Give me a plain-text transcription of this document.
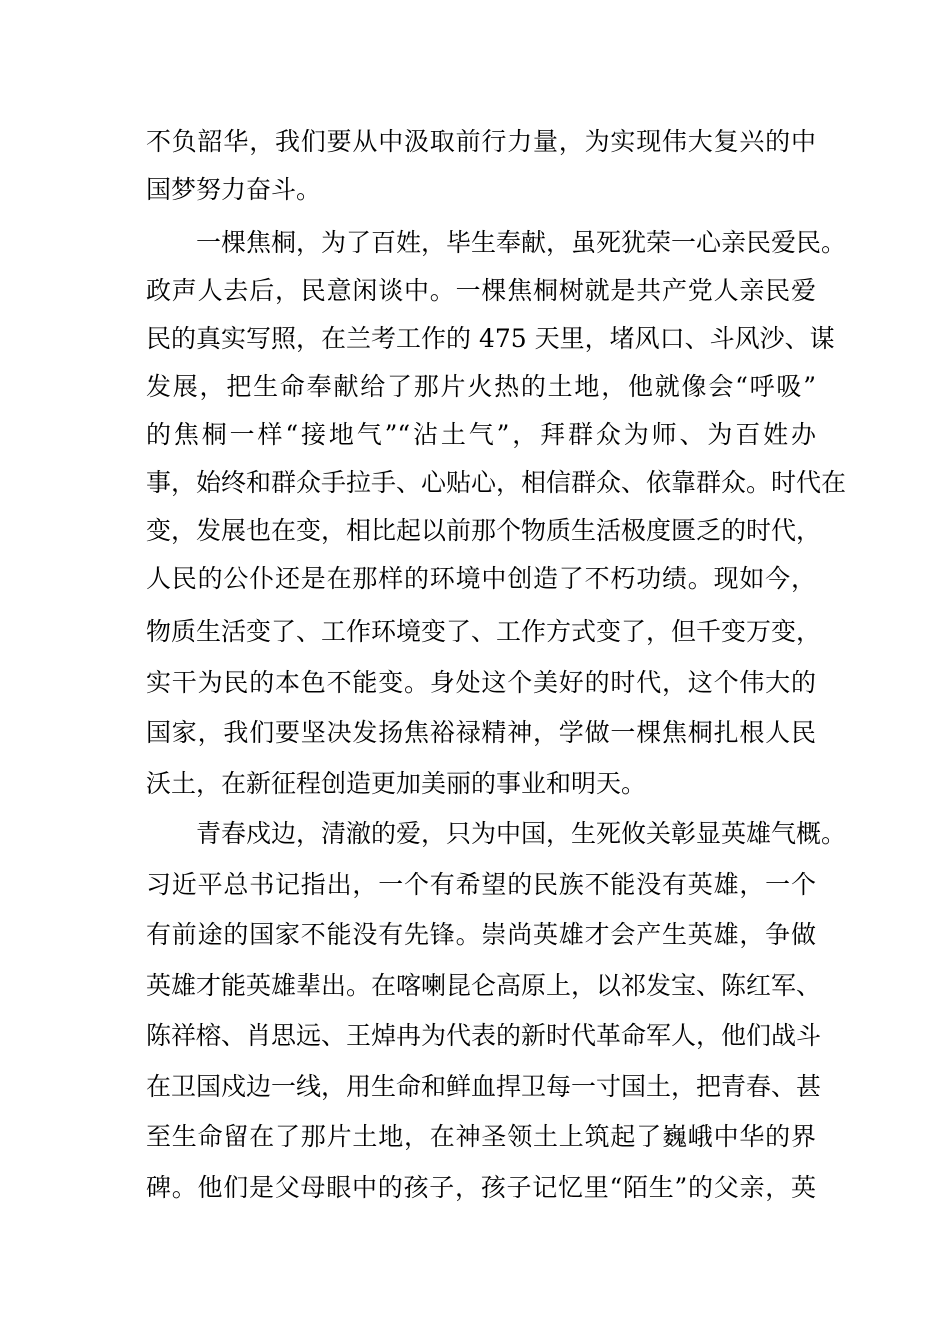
不负韶华，我们要从中汲取前行力量，为实现伟大复兴的中
国梦努力奋斗。
一棵焦桐，为了百姓，毕生奉献，虽死犹荣一心亲民爱民。
政声人去后，民意闲谈中。一棵焦桐树就是共产党人亲民爱
民的真实写照，在兰考工作的 475 天里，堵风口、斗风沙、谋
发展，把生命奉献给了那片火热的土地，他就像会“呼吸”
的焦桐一样“接地气”“沾土气”，拜群众为师、为百姓办
事，始终和群众手拉手、心贴心，相信群众、依靠群众。时代在
变，发展也在变，相比起以前那个物质生活极度匮乏的时代，
人民的公仆还是在那样的环境中创造了不朽功绩。现如今，
物质生活变了、工作环境变了、工作方式变了，但千变万变，
实干为民的本色不能变。身处这个美好的时代，这个伟大的
国家，我们要坚决发扬焦裕禄精神，学做一棵焦桐扎根人民
沃土，在新征程创造更加美丽的事业和明天。
青春戍边，清澈的爱，只为中国，生死攸关彰显英雄气概。
习近平总书记指出，一个有希望的民族不能没有英雄，一个
有前途的国家不能没有先锋。崇尚英雄才会产生英雄，争做
英雄才能英雄辈出。在喀喇昆仑高原上，以祁发宝、陈红军、
陈祥榕、肖思远、王焯冉为代表的新时代革命军人，他们战斗
在卫国戍边一线，用生命和鲜血捍卫每一寸国土，把青春、甚
至生命留在了那片土地，在神圣领土上筑起了巍峨中华的界
碑。他们是父母眼中的孩子，孩子记忆里“陌生”的父亲，英
